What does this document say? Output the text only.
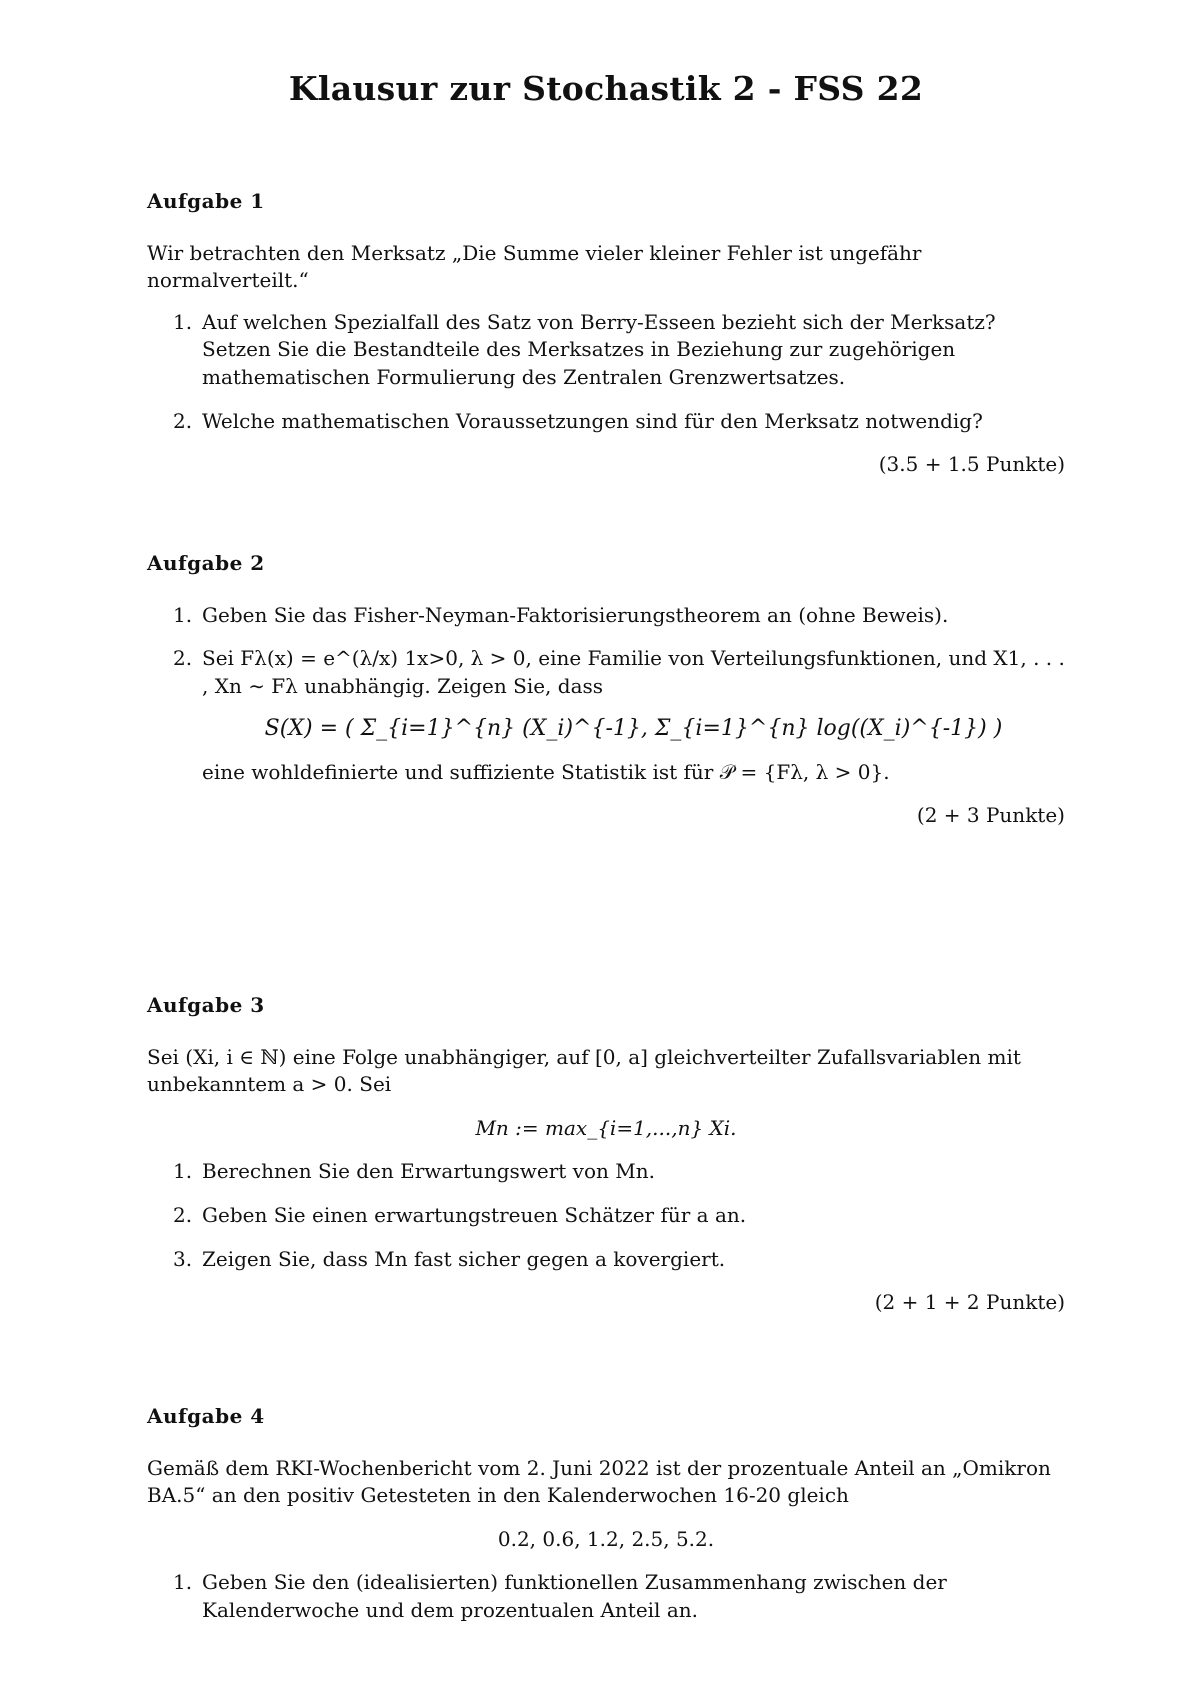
Klausur zur Stochastik 2 - FSS 22
Aufgabe 1

Wir betrachten den Merksatz „Die Summe vieler kleiner Fehler ist ungefähr normalverteilt.“

1. Auf welchen Spezialfall des Satz von Berry-Esseen bezieht sich der Merksatz? Setzen Sie die Bestandteile des Merksatzes in Beziehung zur zugehörigen mathematischen Formulierung des Zentralen Grenzwertsatzes.
2. Welche mathematischen Voraussetzungen sind für den Merksatz notwendig?
(3.5 + 1.5 Punkte)
Aufgabe 2
1. Geben Sie das Fisher-Neyman-Faktorisierungstheorem an (ohne Beweis).
2. Sei Fλ(x) = e^(λ/x) 1x>0, λ > 0, eine Familie von Verteilungsfunktionen, und X1, . . . , Xn ∼ Fλ unabhängig. Zeigen Sie, dass
S(X) = ( Σ_{i=1}^{n} (X_i)^{-1}, Σ_{i=1}^{n} log((X_i)^{-1}) )
eine wohldefinierte und suffiziente Statistik ist für 𝒫 = {Fλ, λ > 0}.
(2 + 3 Punkte)
Aufgabe 3

Sei (Xi, i ∈ ℕ) eine Folge unabhängiger, auf [0, a] gleichverteilter Zufallsvariablen mit unbekanntem a > 0. Sei

Mn := max_{i=1,...,n} Xi.
1. Berechnen Sie den Erwartungswert von Mn.
2. Geben Sie einen erwartungstreuen Schätzer für a an.
3. Zeigen Sie, dass Mn fast sicher gegen a kovergiert.
(2 + 1 + 2 Punkte)
Aufgabe 4

Gemäß dem RKI-Wochenbericht vom 2. Juni 2022 ist der prozentuale Anteil an „Omikron BA.5“ an den positiv Getesteten in den Kalenderwochen 16-20 gleich

0.2, 0.6, 1.2, 2.5, 5.2.
1. Geben Sie den (idealisierten) funktionellen Zusammenhang zwischen der Kalenderwoche und dem prozentualen Anteil an.
